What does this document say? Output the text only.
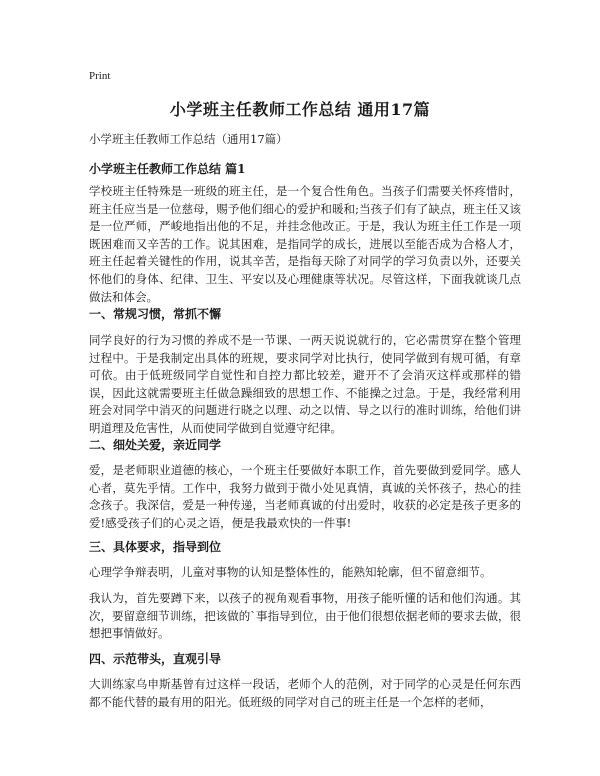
Print
小学班主任教师工作总结 通用17篇

小学班主任教师工作总结（通用17篇）

小学班主任教师工作总结 篇1

学校班主任特殊是一班级的班主任，是一个复合性角色。当孩子们需要关怀疼惜时，班主任应当是一位慈母，赐予他们细心的爱护和暖和;当孩子们有了缺点，班主任又该是一位严师，严峻地指出他的不足，并挂念他改正。于是，我认为班主任工作是一项既困难而又辛苦的工作。说其困难，是指同学的成长，进展以至能否成为合格人才，班主任起着关键性的作用，说其辛苦，是指每天除了对同学的学习负责以外，还要关怀他们的身体、纪律、卫生、平安以及心理健康等状况。尽管这样，下面我就谈几点做法和体会。

一、常规习惯，常抓不懈

同学良好的行为习惯的养成不是一节课、一两天说说就行的，它必需贯穿在整个管理过程中。于是我制定出具体的班规，要求同学对比执行，使同学做到有规可循，有章可依。由于低班级同学自觉性和自控力都比较差，避开不了会消灭这样或那样的错误，因此这就需要班主任做急躁细致的思想工作、不能操之过急。于是，我经常利用班会对同学中消灭的问题进行晓之以理、动之以情、导之以行的准时训练，给他们讲明道理及危害性，从而使同学做到自觉遵守纪律。

二、细处关爱，亲近同学

爱，是老师职业道德的核心，一个班主任要做好本职工作，首先要做到爱同学。感人心者，莫先乎情。工作中，我努力做到于微小处见真情，真诚的关怀孩子，热心的挂念孩子。我深信，爱是一种传递，当老师真诚的付出爱时，收获的必定是孩子更多的爱!感受孩子们的心灵之语，便是我最欢快的一件事!

三、具体要求，指导到位

心理学争辩表明，儿童对事物的认知是整体性的，能熟知轮廓，但不留意细节。

我认为，首先要蹲下来，以孩子的视角观看事物，用孩子能听懂的话和他们沟通。其次，要留意细节训练，把该做的`事指导到位，由于他们很想依据老师的要求去做，很想把事情做好。

四、示范带头，直观引导

大训练家乌申斯基曾有过这样一段话，老师个人的范例，对于同学的心灵是任何东西都不能代替的最有用的阳光。低班级的同学对自己的班主任是一个怎样的老师，
